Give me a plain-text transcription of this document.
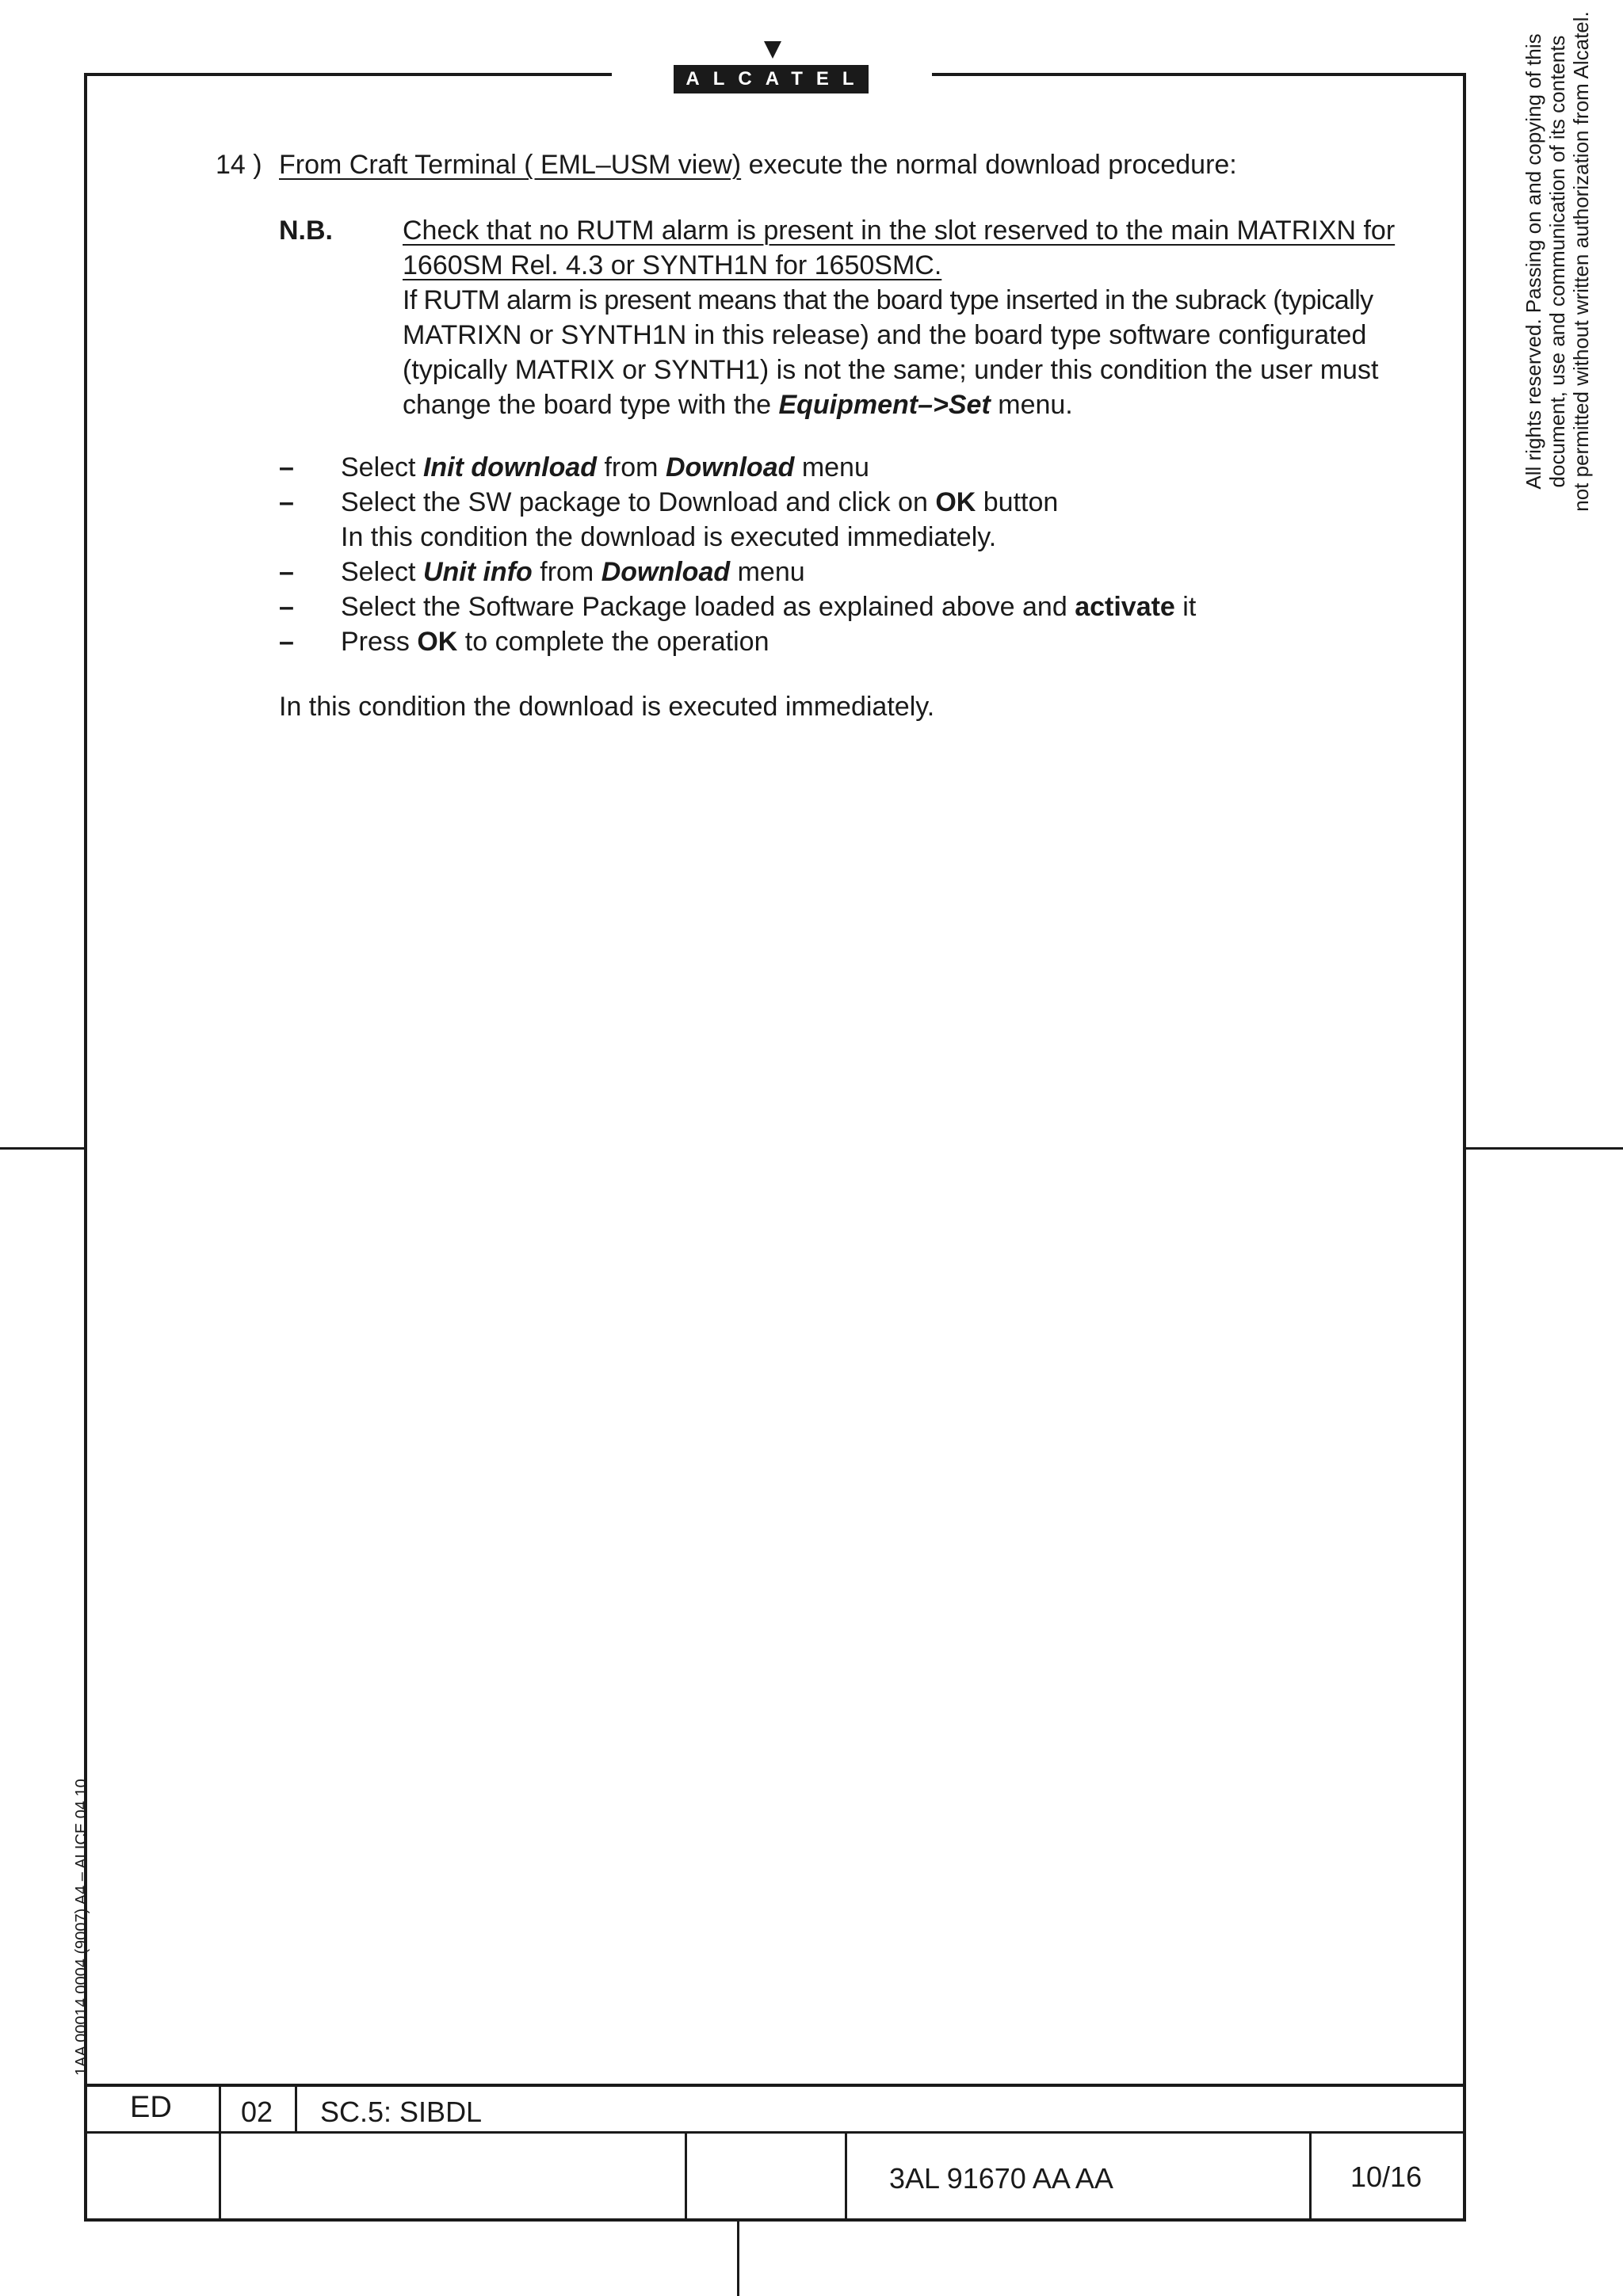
ALCATEL
14 ) From Craft Terminal ( EML–USM view) execute the normal download procedure:
N.B.	Check that no RUTM alarm is present in the slot reserved to the main MATRIXN for
1660SM Rel. 4.3 or SYNTH1N for 1650SMC.
If RUTM alarm is present means that the board type inserted in the subrack (typically
MATRIXN or SYNTH1N in this release) and the board type software configurated
(typically MATRIX or SYNTH1) is not the same; under this condition the user must
change the board type with the Equipment–>Set menu.
– Select Init download from Download menu
– Select the SW package to Download and click on OK button
In this condition the download is executed immediately.
– Select Unit info from Download menu
– Select the Software Package loaded as explained above and activate it
– Press OK to complete the operation
In this condition the download is executed immediately.
All rights reserved. Passing on and copying of this document, use and communication of its contents not permitted without written authorization from Alcatel.
1AA 00014 0004 (9007) A4 – ALICE 04.10
ED 02 SC.5: SIBDL
3AL 91670 AA AA	10/16
